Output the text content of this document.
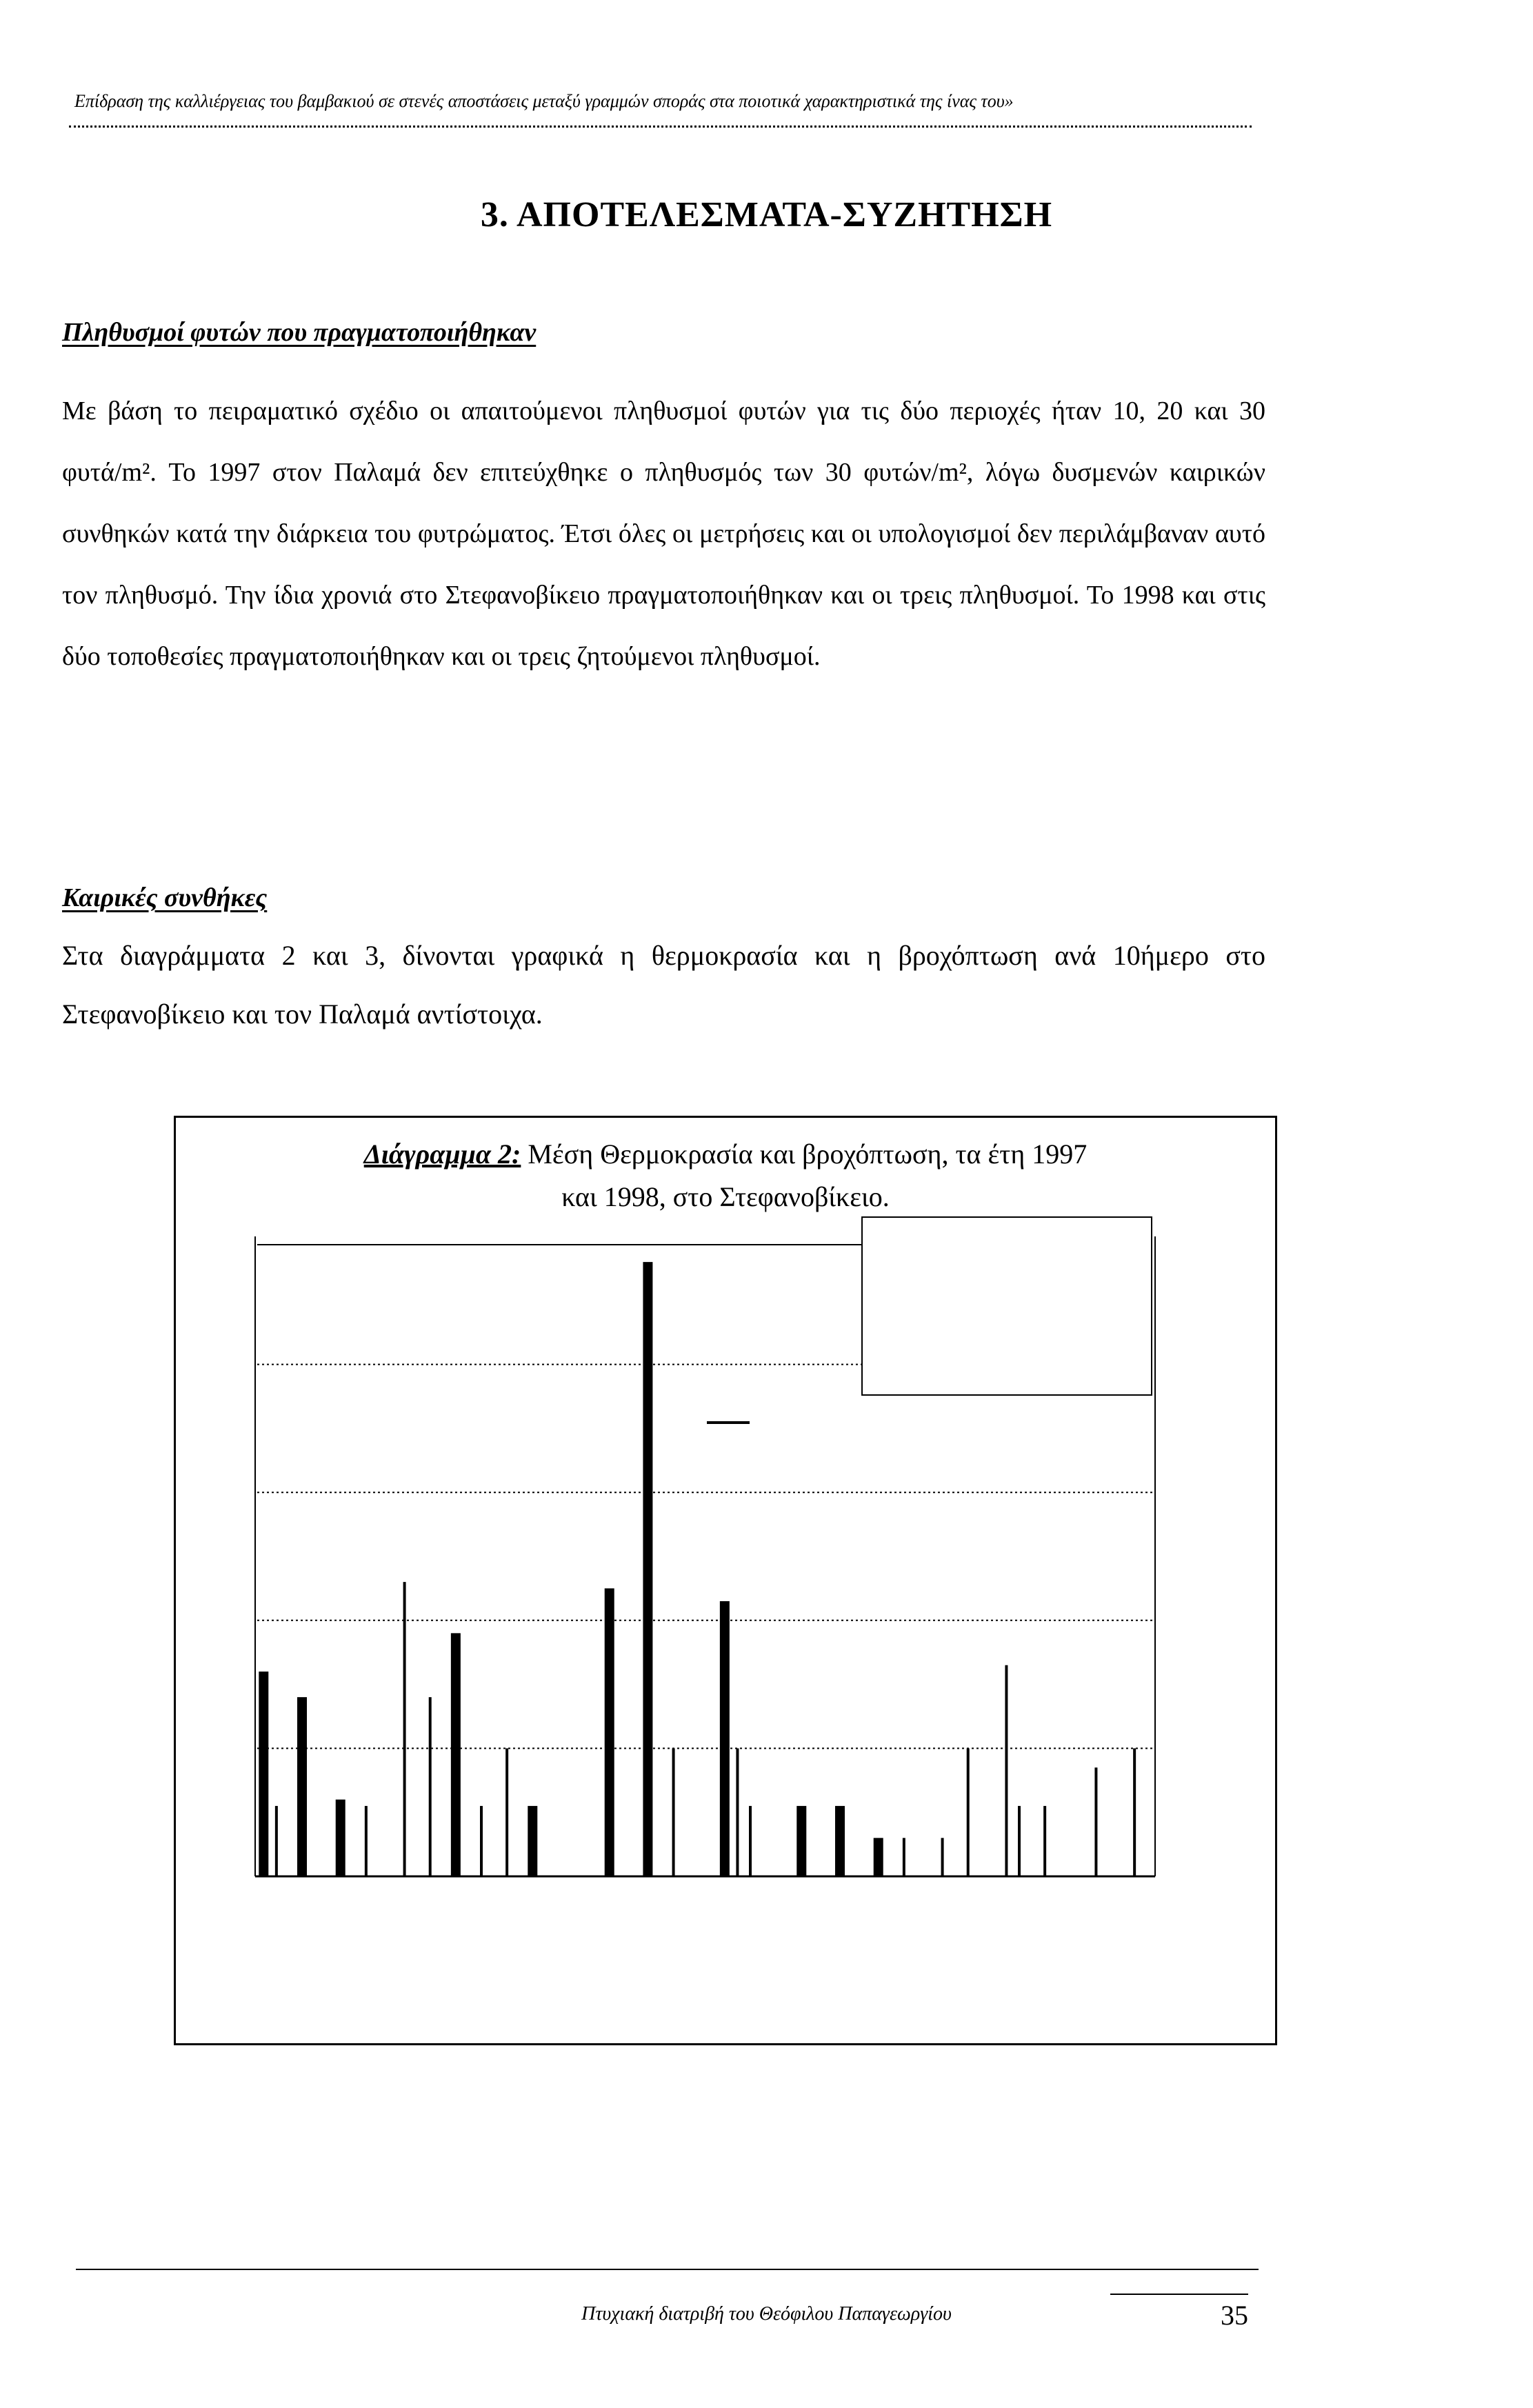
Επίδραση της καλλιέργειας του βαμβακιού σε στενές αποστάσεις μεταξύ γραμμών σποράς στα ποιοτικά χαρακτηριστικά της ίνας του»
3. ΑΠΟΤΕΛΕΣΜΑΤΑ-ΣΥΖΗΤΗΣΗ
Πληθυσμοί φυτών που πραγματοποιήθηκαν
Με βάση το πειραματικό σχέδιο οι απαιτούμενοι πληθυσμοί φυτών για τις δύο περιοχές ήταν 10, 20 και 30 φυτά/m². Το 1997 στον Παλαμά δεν επιτεύχθηκε ο πληθυσμός των 30 φυτών/m², λόγω δυσμενών καιρικών συνθηκών κατά την διάρκεια του φυτρώματος. Έτσι όλες οι μετρήσεις και οι υπολογισμοί δεν περιλάμβαναν αυτό τον πληθυσμό. Την ίδια χρονιά στο Στεφανοβίκειο πραγματοποιήθηκαν και οι τρεις πληθυσμοί. Το 1998 και στις δύο τοποθεσίες πραγματοποιήθηκαν και οι τρεις ζητούμενοι πληθυσμοί.
Καιρικές συνθήκες
Στα διαγράμματα 2 και 3, δίνονται γραφικά η θερμοκρασία και η βροχόπτωση ανά 10ήμερο στο Στεφανοβίκειο και τον Παλαμά αντίστοιχα.
Διάγραμμα 2: Μέση Θερμοκρασία και βροχόπτωση, τα έτη 1997
και 1998, στο Στεφανοβίκειο.
Πτυχιακή διατριβή του Θεόφιλου Παπαγεωργίου	35
